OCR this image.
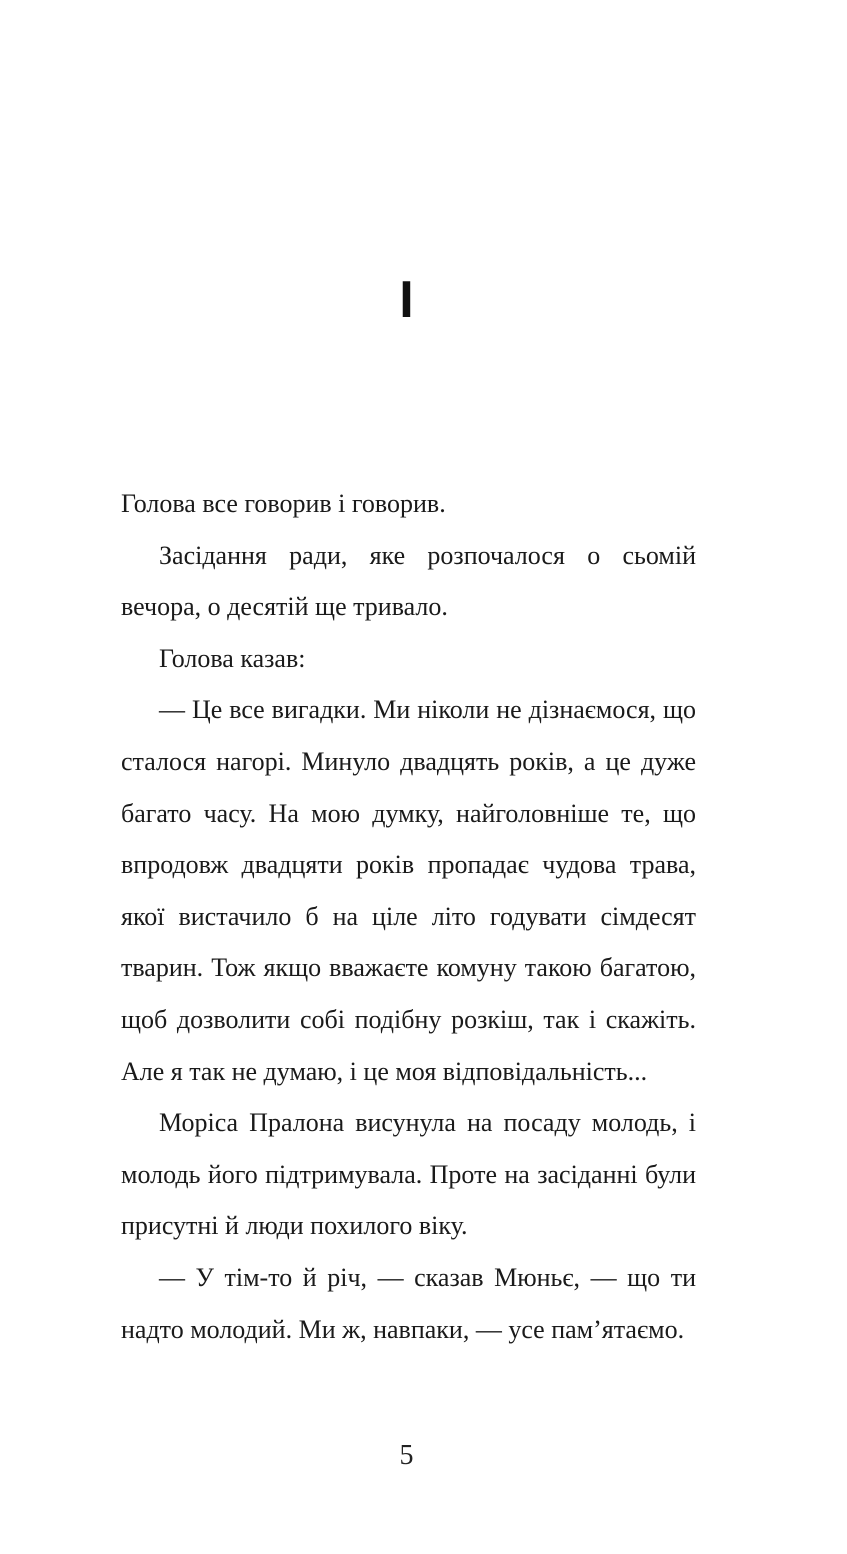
I

Голова все говорив і говорив.

Засідання ради, яке розпочалося о сьомій вечора, о десятій ще тривало.

Голова казав:

— Це все вигадки. Ми ніколи не дізнаємося, що сталося нагорі. Минуло двадцять років, а це дуже багато часу. На мою думку, найголовніше те, що впродовж двадцяти років пропадає чудова трава, якої вистачило б на ціле літо годувати сімдесят тварин. Тож якщо вважаєте комуну такою багатою, щоб дозволити собі подібну розкіш, так і скажіть. Але я так не думаю, і це моя відповідальність...

Моріса Пралона висунула на посаду молодь, і молодь його підтримувала. Проте на засіданні були присутні й люди похилого віку.

— У тім-то й річ, — сказав Мюньє, — що ти надто молодий. Ми ж, навпаки, — усе пам’ятаємо.

5
